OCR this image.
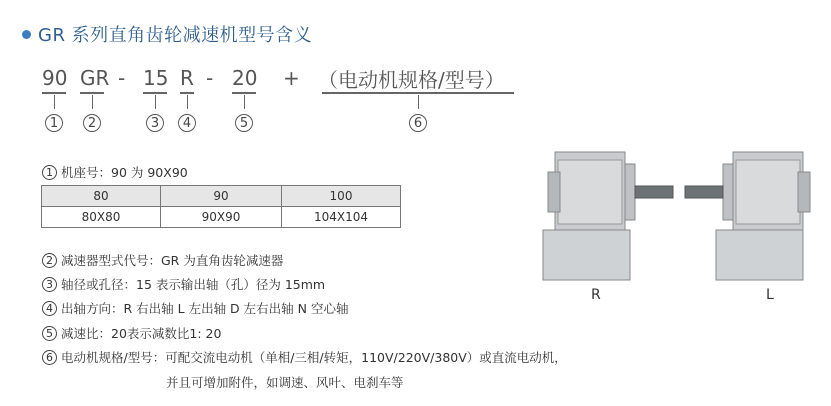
GR 系列直角齿轮减速机型号含义
90 GR - 15 R - 20 + （电动机规格/型号）
1	2	3	4	5	6
1 机座号：90 为 90X90
80	90	100
80X80	90X90	104X104
2 减速器型式代号：GR 为直角齿轮减速器
3 轴径或孔径：15 表示输出轴（孔）径为 15mm
4 出轴方向：R 右出轴 L 左出轴 D 左右出轴 N 空心轴
5 减速比：20表示减数比1: 20
6 电动机规格/型号：可配交流电动机（单相/三相/转矩，110V/220V/380V）或直流电动机，
并且可增加附件，如调速、风叶、电刹车等
R	L
